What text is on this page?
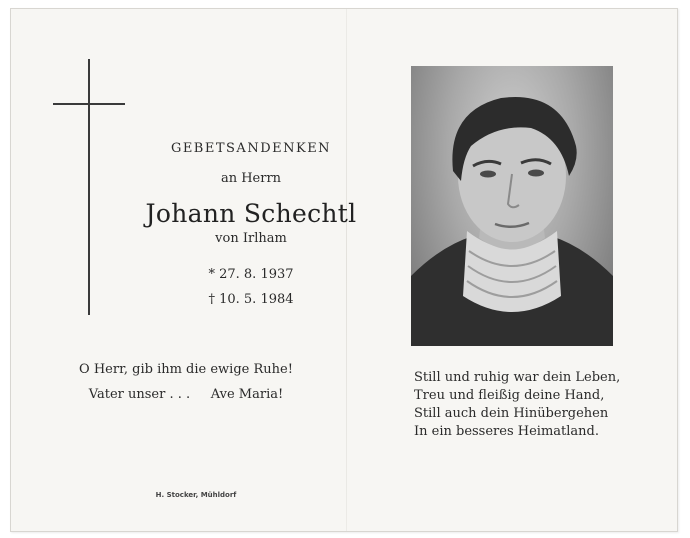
GEBETSANDENKEN
an Herrn
Johann Schechtl
von Irlham
* 27. 8. 1937
† 10. 5. 1984
O Herr, gib ihm die ewige Ruhe!
Vater unser . . .     Ave Maria!
H. Stocker, Mühldorf
Still und ruhig war dein Leben,
Treu und fleißig deine Hand,
Still auch dein Hinübergehen
In ein besseres Heimatland.
